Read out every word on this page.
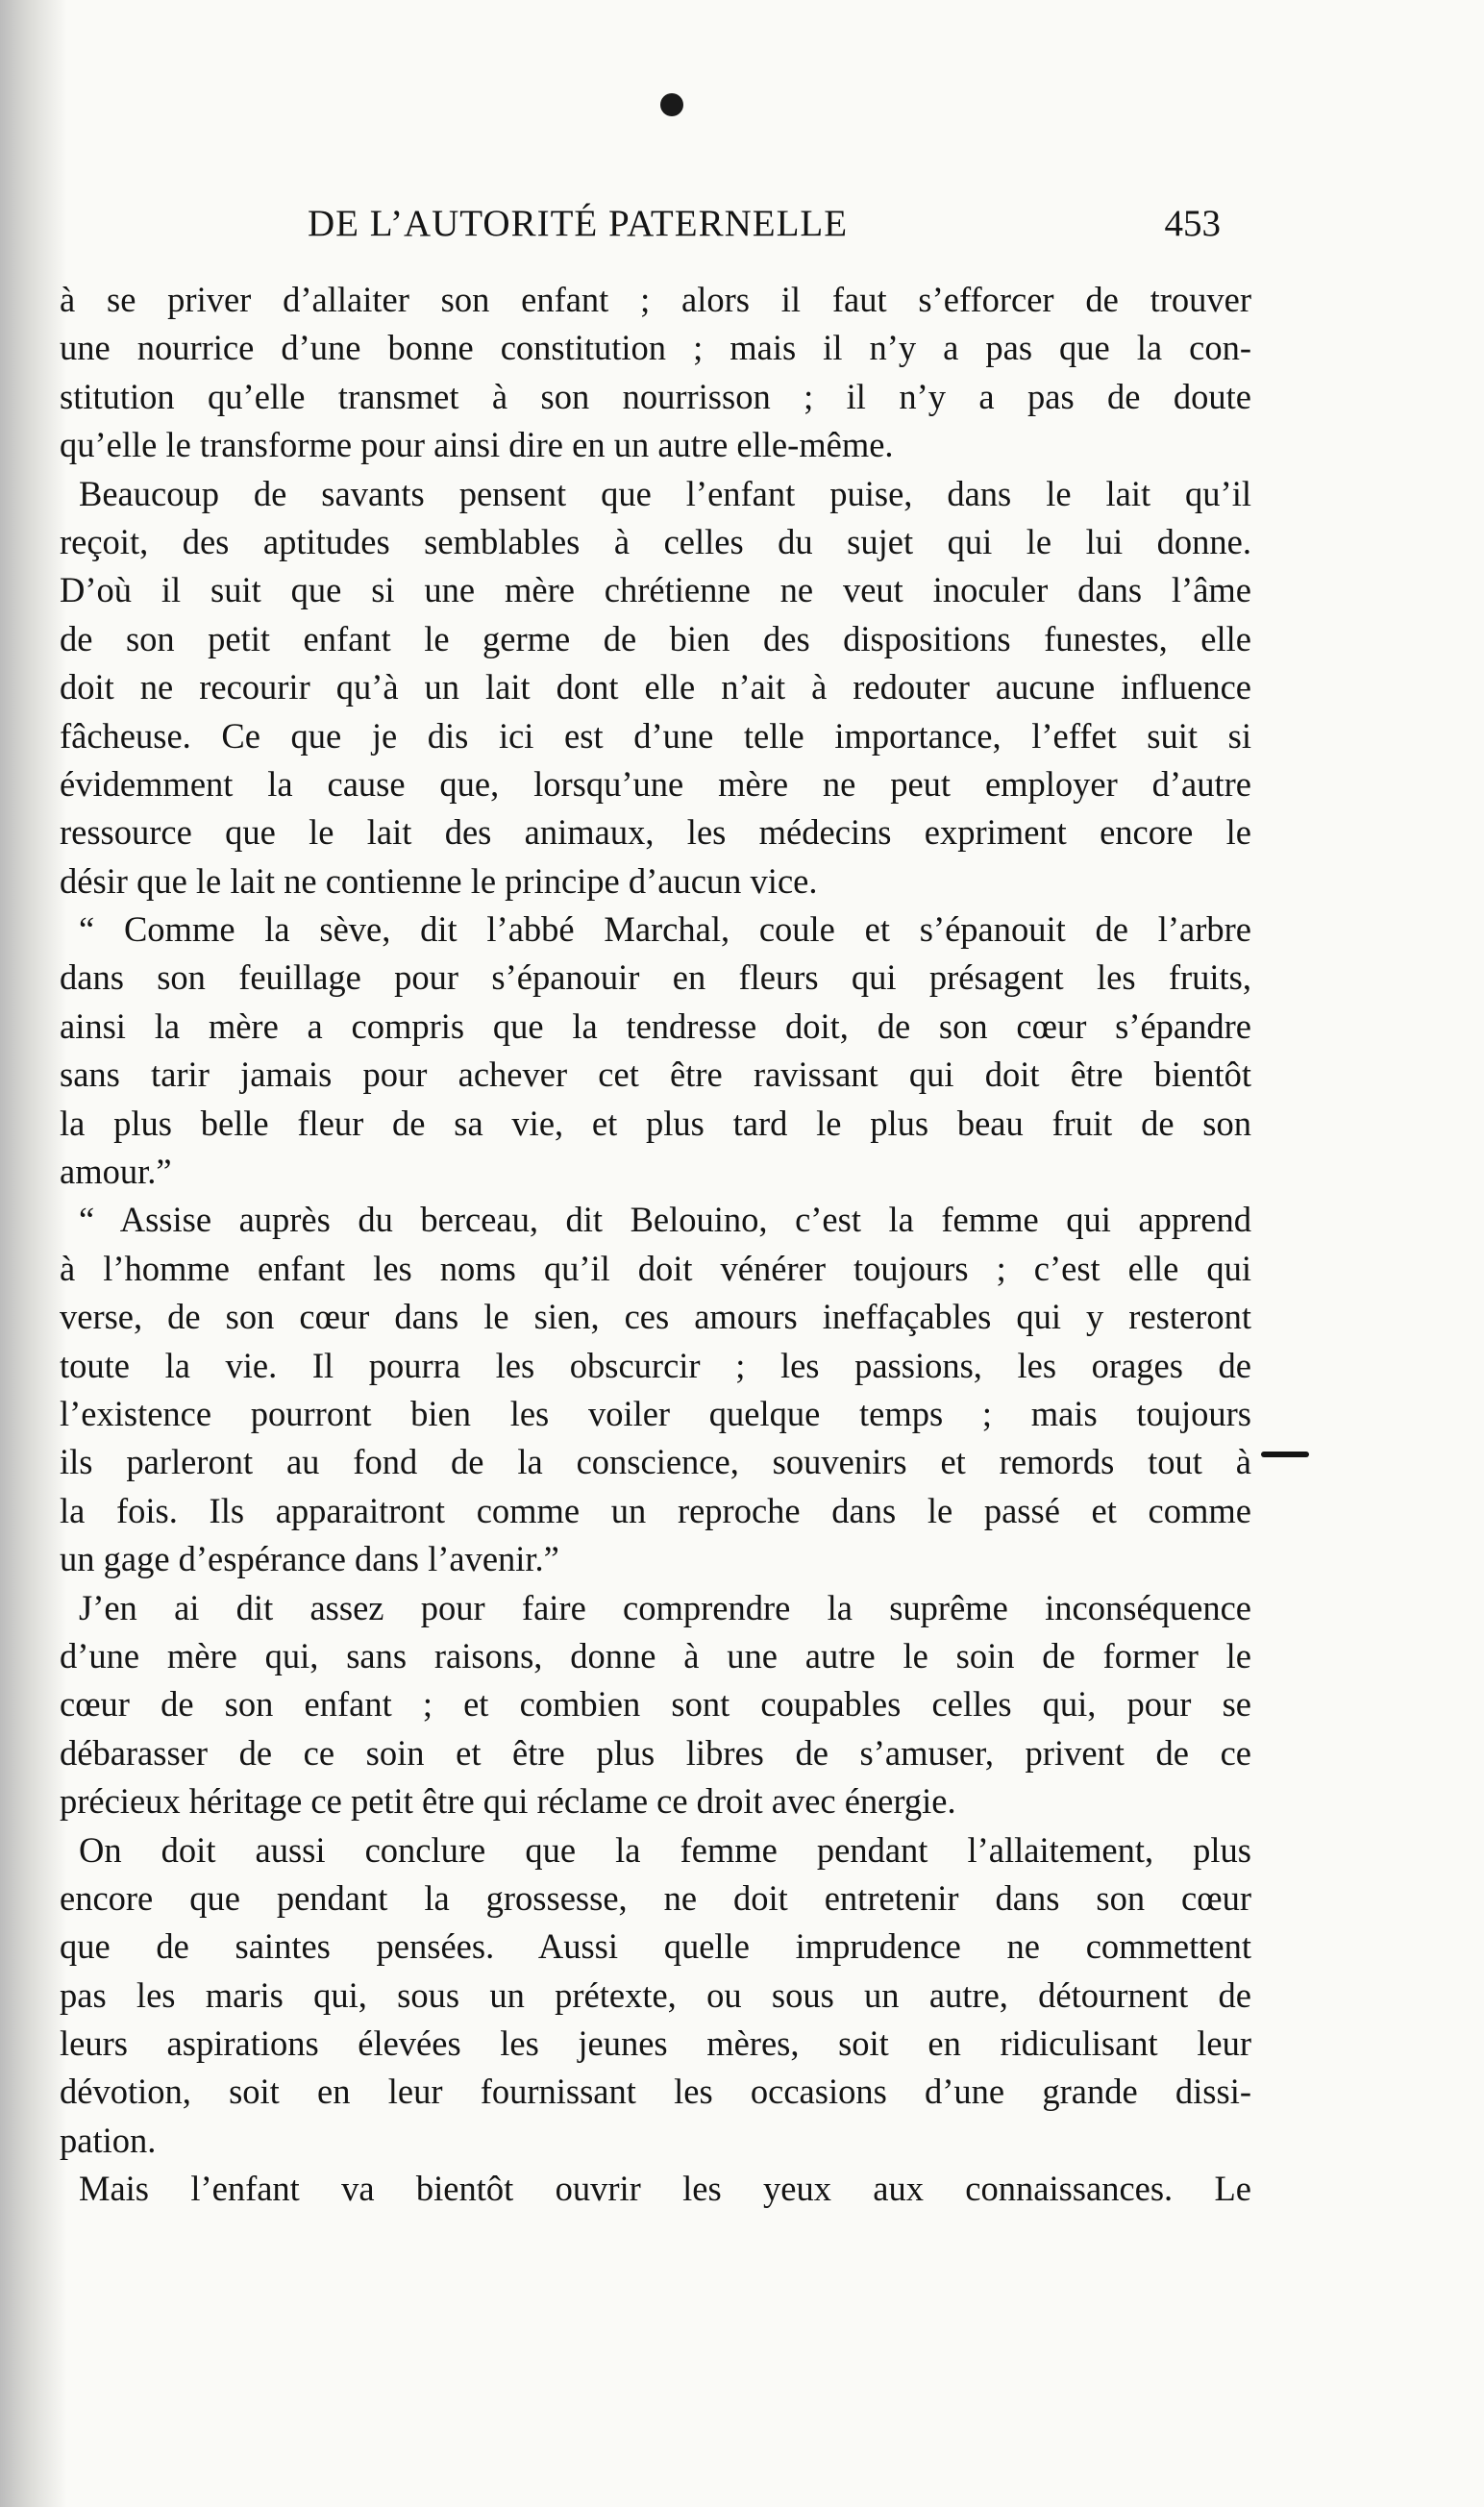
DE L’AUTORITÉ PATERNELLE	453
à se priver d’allaiter son enfant ; alors il faut s’efforcer de trouver
une nourrice d’une bonne constitution ; mais il n’y a pas que la con-
stitution qu’elle transmet à son nourrisson ; il n’y a pas de doute
qu’elle le transforme pour ainsi dire en un autre elle-même.
Beaucoup de savants pensent que l’enfant puise, dans le lait qu’il
reçoit, des aptitudes semblables à celles du sujet qui le lui donne.
D’où il suit que si une mère chrétienne ne veut inoculer dans l’âme
de son petit enfant le germe de bien des dispositions funestes, elle
doit ne recourir qu’à un lait dont elle n’ait à redouter aucune influence
fâcheuse. Ce que je dis ici est d’une telle importance, l’effet suit si
évidemment la cause que, lorsqu’une mère ne peut employer d’autre
ressource que le lait des animaux, les médecins expriment encore le
désir que le lait ne contienne le principe d’aucun vice.
“ Comme la sève, dit l’abbé Marchal, coule et s’épanouit de l’arbre
dans son feuillage pour s’épanouir en fleurs qui présagent les fruits,
ainsi la mère a compris que la tendresse doit, de son cœur s’épandre
sans tarir jamais pour achever cet être ravissant qui doit être bientôt
la plus belle fleur de sa vie, et plus tard le plus beau fruit de son
amour.”
“ Assise auprès du berceau, dit Belouino, c’est la femme qui apprend
à l’homme enfant les noms qu’il doit vénérer toujours ; c’est elle qui
verse, de son cœur dans le sien, ces amours ineffaçables qui y resteront
toute la vie. Il pourra les obscurcir ; les passions, les orages de
l’existence pourront bien les voiler quelque temps ; mais toujours
ils parleront au fond de la conscience, souvenirs et remords tout à
la fois. Ils apparaitront comme un reproche dans le passé et comme
un gage d’espérance dans l’avenir.”
J’en ai dit assez pour faire comprendre la suprême inconséquence
d’une mère qui, sans raisons, donne à une autre le soin de former le
cœur de son enfant ; et combien sont coupables celles qui, pour se
débarasser de ce soin et être plus libres de s’amuser, privent de ce
précieux héritage ce petit être qui réclame ce droit avec énergie.
On doit aussi conclure que la femme pendant l’allaitement, plus
encore que pendant la grossesse, ne doit entretenir dans son cœur
que de saintes pensées. Aussi quelle imprudence ne commettent
pas les maris qui, sous un prétexte, ou sous un autre, détournent de
leurs aspirations élevées les jeunes mères, soit en ridiculisant leur
dévotion, soit en leur fournissant les occasions d’une grande dissi-
pation.
Mais l’enfant va bientôt ouvrir les yeux aux connaissances. Le
